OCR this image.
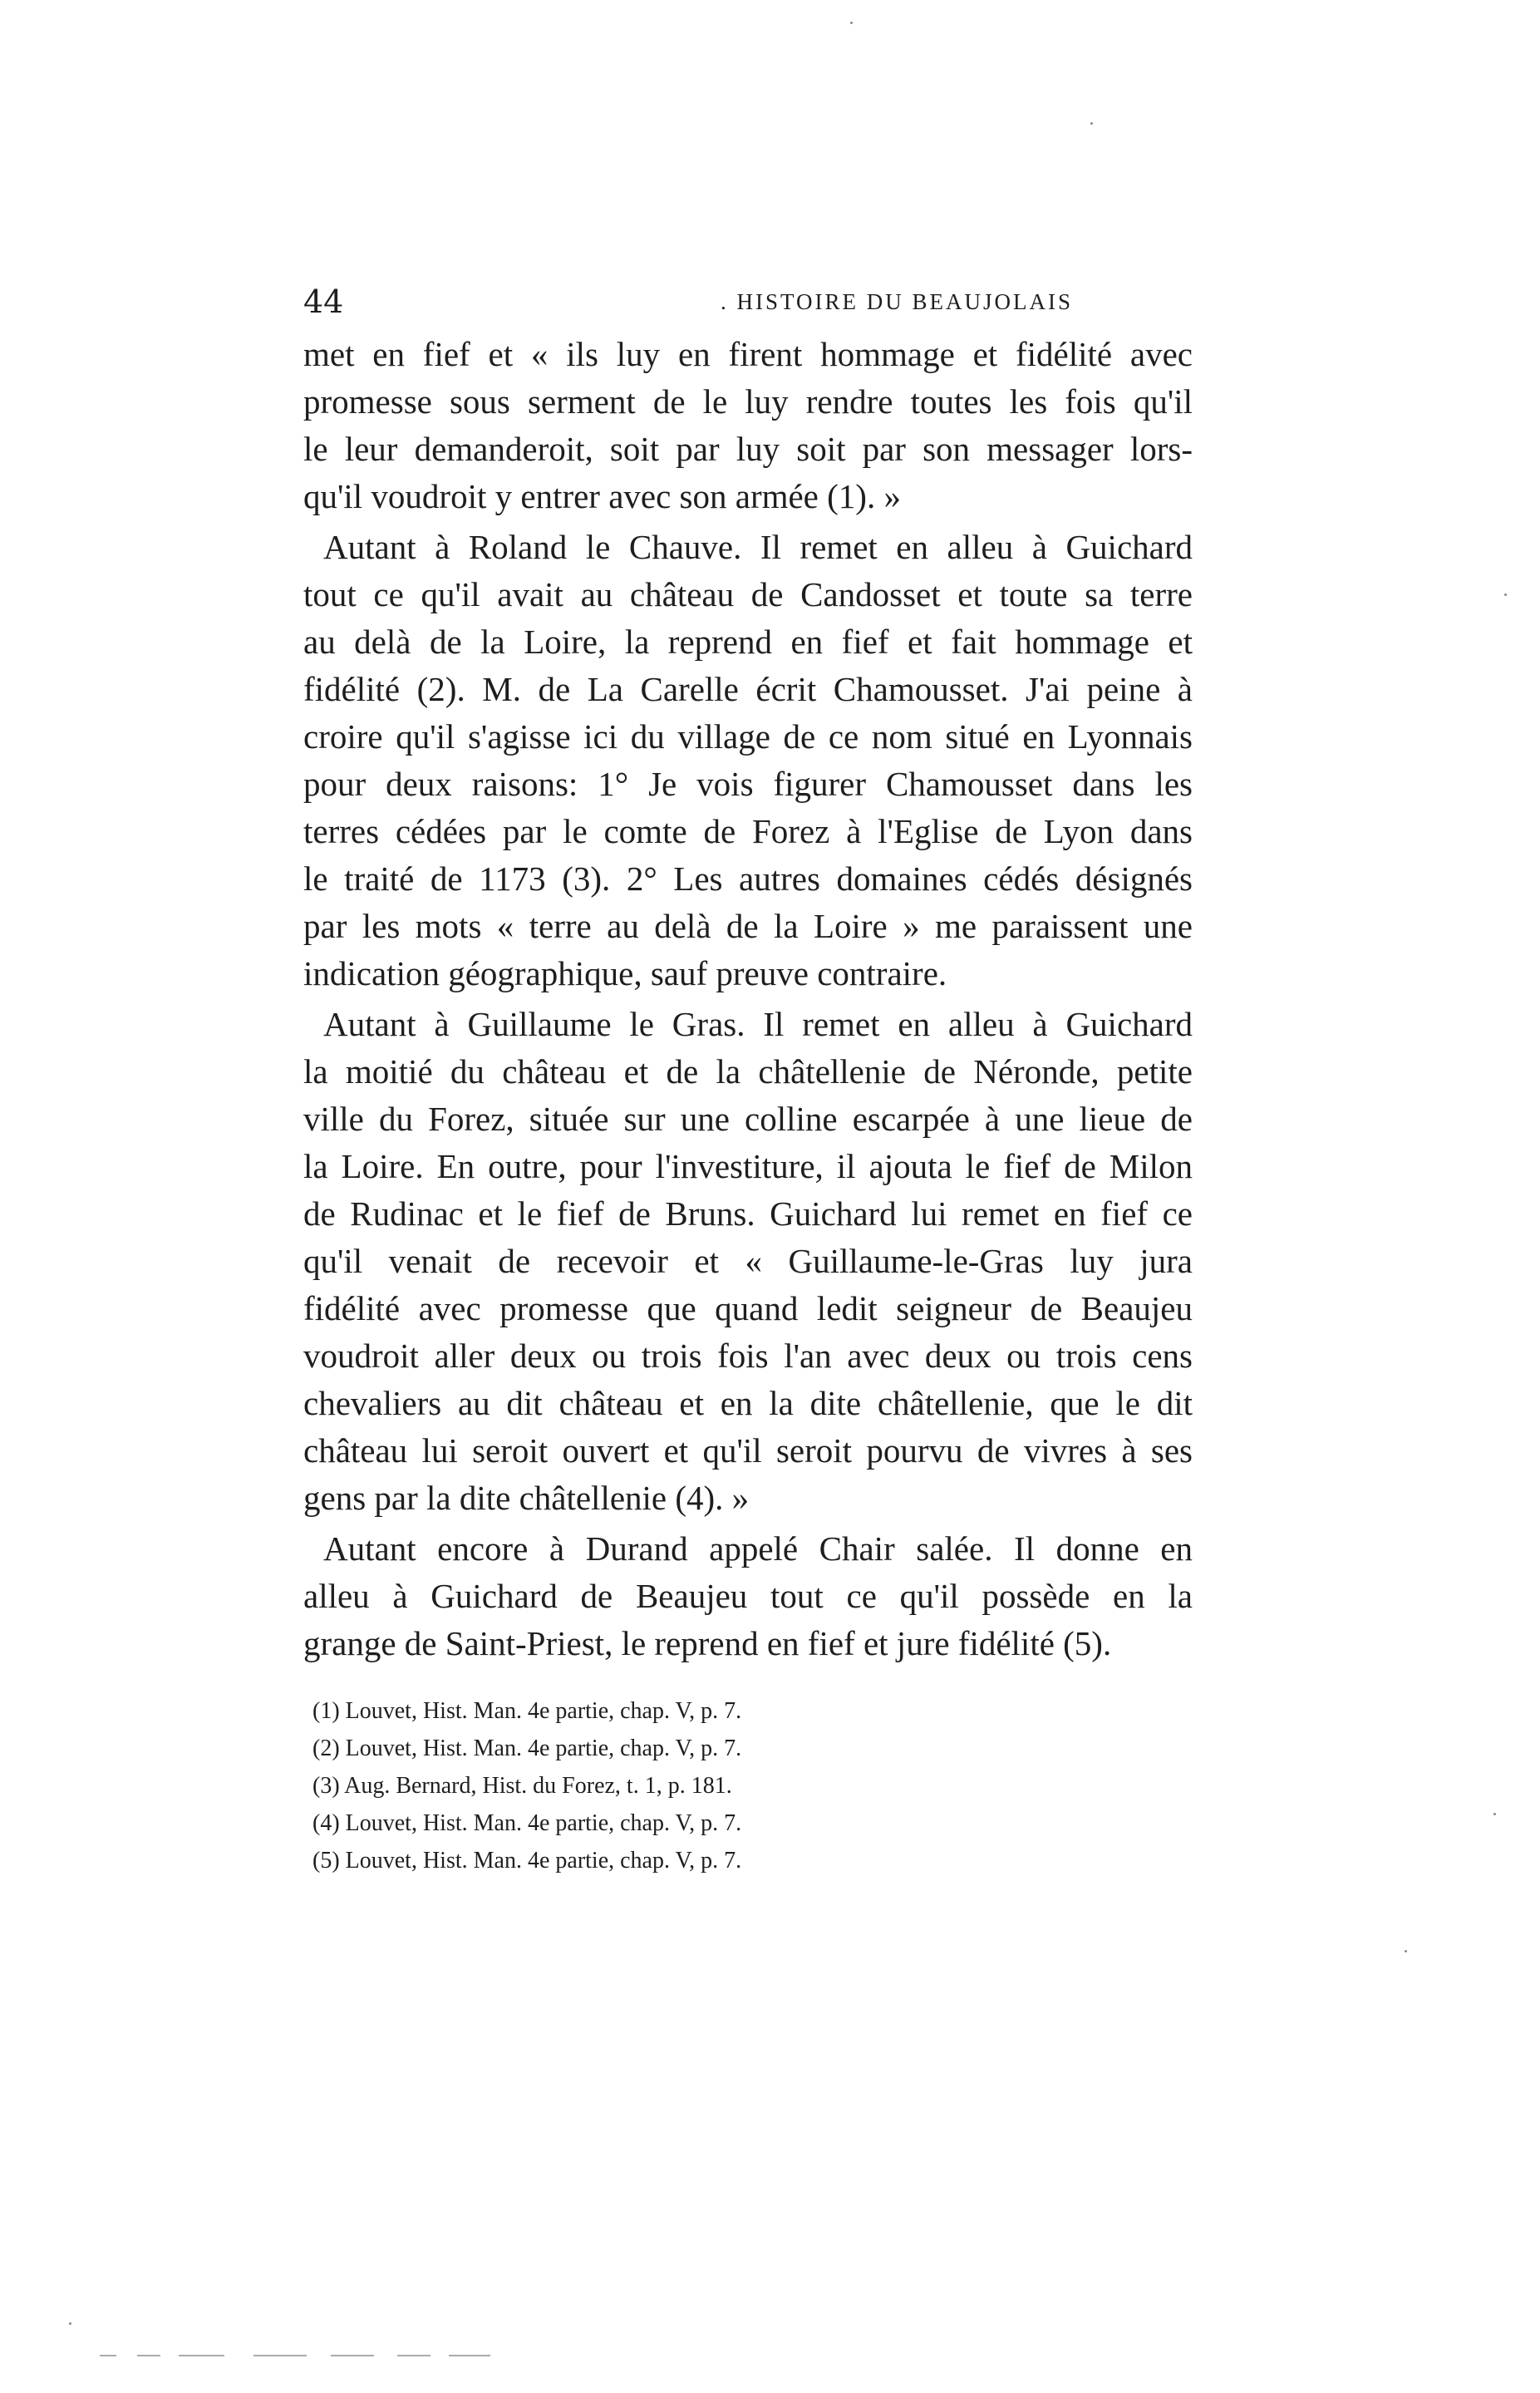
44	. HISTOIRE DU BEAUJOLAIS
met en fief et « ils luy en firent hommage et fidélité avec
promesse sous serment de le luy rendre toutes les fois qu'il
le leur demanderoit, soit par luy soit par son messager lors-
qu'il voudroit y entrer avec son armée (1). »
Autant à Roland le Chauve. Il remet en alleu à Guichard
tout ce qu'il avait au château de Candosset et toute sa terre
au delà de la Loire, la reprend en fief et fait hommage et
fidélité (2). M. de La Carelle écrit Chamousset. J'ai peine à
croire qu'il s'agisse ici du village de ce nom situé en Lyonnais
pour deux raisons: 1° Je vois figurer Chamousset dans les
terres cédées par le comte de Forez à l'Eglise de Lyon dans
le traité de 1173 (3). 2° Les autres domaines cédés désignés
par les mots « terre au delà de la Loire » me paraissent une
indication géographique, sauf preuve contraire.
Autant à Guillaume le Gras. Il remet en alleu à Guichard
la moitié du château et de la châtellenie de Néronde, petite
ville du Forez, située sur une colline escarpée à une lieue de
la Loire. En outre, pour l'investiture, il ajouta le fief de Milon
de Rudinac et le fief de Bruns. Guichard lui remet en fief ce
qu'il venait de recevoir et « Guillaume-le-Gras luy jura
fidélité avec promesse que quand ledit seigneur de Beaujeu
voudroit aller deux ou trois fois l'an avec deux ou trois cens
chevaliers au dit château et en la dite châtellenie, que le dit
château lui seroit ouvert et qu'il seroit pourvu de vivres à ses
gens par la dite châtellenie (4). »
Autant encore à Durand appelé Chair salée. Il donne en
alleu à Guichard de Beaujeu tout ce qu'il possède en la
grange de Saint-Priest, le reprend en fief et jure fidélité (5).
(1) Louvet, Hist. Man. 4e partie, chap. V, p. 7.
(2) Louvet, Hist. Man. 4e partie, chap. V, p. 7.
(3) Aug. Bernard, Hist. du Forez, t. 1, p. 181.
(4) Louvet, Hist. Man. 4e partie, chap. V, p. 7.
(5) Louvet, Hist. Man. 4e partie, chap. V, p. 7.
